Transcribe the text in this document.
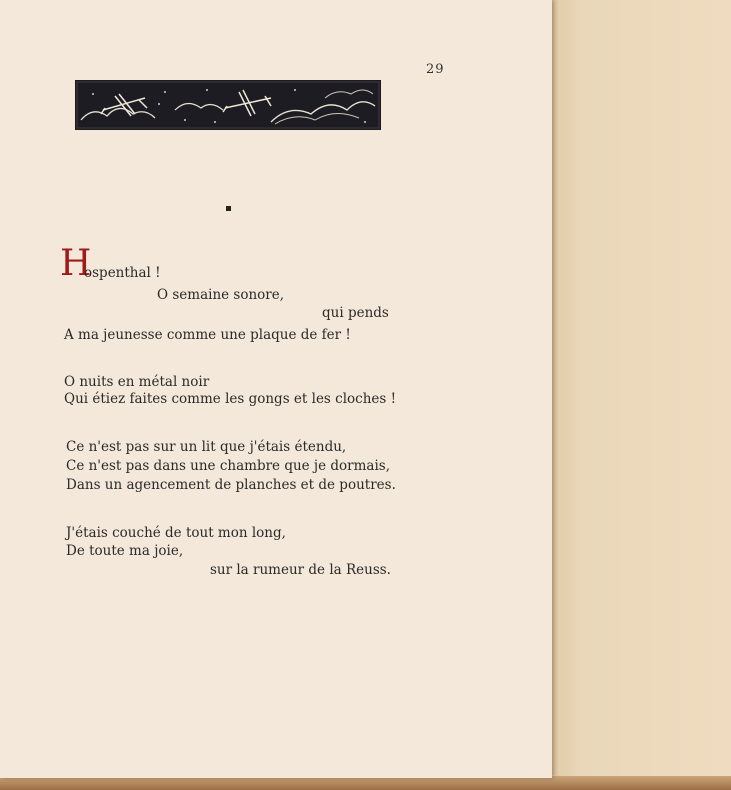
29
H

ospenthal !

O semaine sonore,

qui pends

A ma jeunesse comme une plaque de fer !

O nuits en métal noir

Qui étiez faites comme les gongs et les cloches !

Ce n'est pas sur un lit que j'étais étendu,

Ce n'est pas dans une chambre que je dormais,

Dans un agencement de planches et de poutres.

J'étais couché de tout mon long,

De toute ma joie,

sur la rumeur de la Reuss.
